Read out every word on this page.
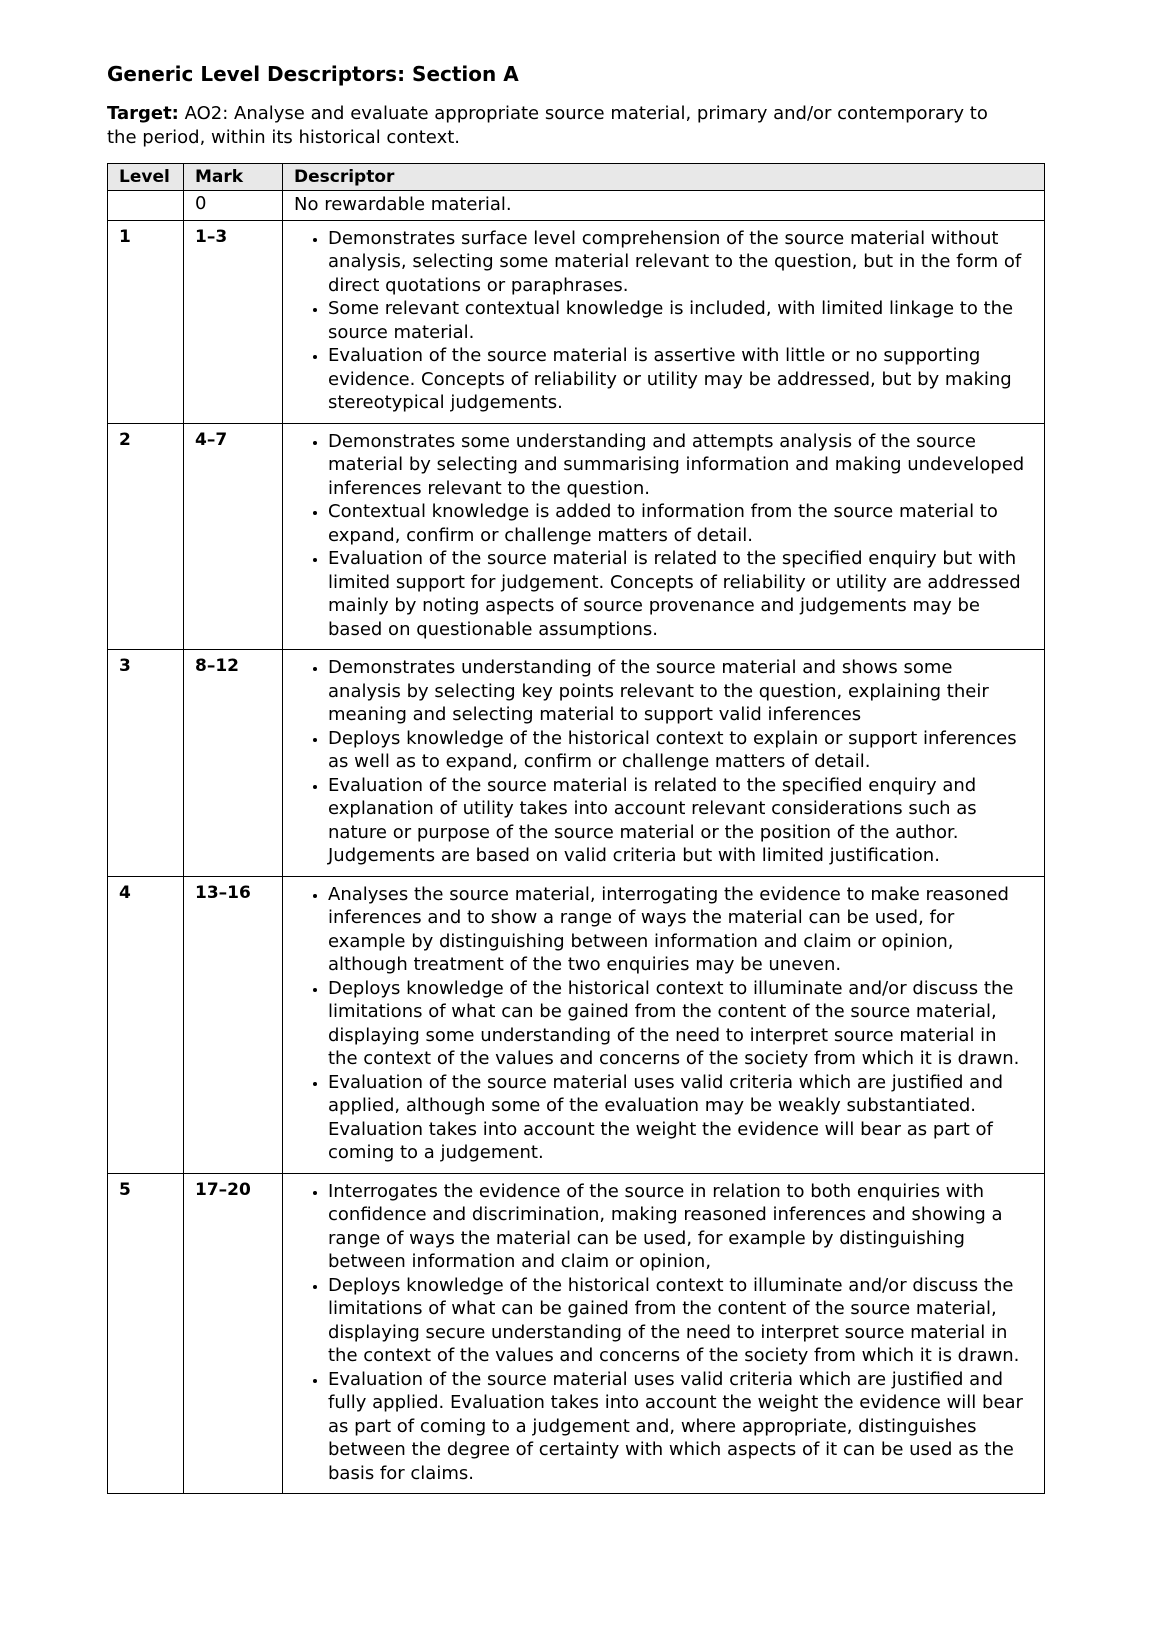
Generic Level Descriptors: Section A

Target: AO2: Analyse and evaluate appropriate source material, primary and/or contemporary to the period, within its historical context.

Level	Mark	Descriptor
	0	No rewardable material.
1	1–3	
•Demonstrates surface level comprehension of the source material without analysis, selecting some material relevant to the question, but in the form of direct quotations or paraphrases.
• Some relevant contextual knowledge is included, with limited linkage to the source material.
• Evaluation of the source material is assertive with little or no supporting evidence. Concepts of reliability or utility may be addressed, but by making stereotypical judgements.

2	4–7	
•Demonstrates some understanding and attempts analysis of the source material by selecting and summarising information and making undeveloped inferences relevant to the question.
• Contextual knowledge is added to information from the source material to expand, confirm or challenge matters of detail.
• Evaluation of the source material is related to the specified enquiry but with limited support for judgement. Concepts of reliability or utility are addressed mainly by noting aspects of source provenance and judgements may be based on questionable assumptions.

3	8–12	
•Demonstrates understanding of the source material and shows some analysis by selecting key points relevant to the question, explaining their meaning and selecting material to support valid inferences
• Deploys knowledge of the historical context to explain or support inferences as well as to expand, confirm or challenge matters of detail.
• Evaluation of the source material is related to the specified enquiry and explanation of utility takes into account relevant considerations such as nature or purpose of the source material or the position of the author. Judgements are based on valid criteria but with limited justification.

4	13–16	
•Analyses the source material, interrogating the evidence to make reasoned inferences and to show a range of ways the material can be used, for example by distinguishing between information and claim or opinion, although treatment of the two enquiries may be uneven.
• Deploys knowledge of the historical context to illuminate and/or discuss the limitations of what can be gained from the content of the source material, displaying some understanding of the need to interpret source material in the context of the values and concerns of the society from which it is drawn.
• Evaluation of the source material uses valid criteria which are justified and applied, although some of the evaluation may be weakly substantiated. Evaluation takes into account the weight the evidence will bear as part of coming to a judgement.

5	17–20	
•Interrogates the evidence of the source in relation to both enquiries with confidence and discrimination, making reasoned inferences and showing a range of ways the material can be used, for example by distinguishing between information and claim or opinion,
• Deploys knowledge of the historical context to illuminate and/or discuss the limitations of what can be gained from the content of the source material, displaying secure understanding of the need to interpret source material in the context of the values and concerns of the society from which it is drawn.
• Evaluation of the source material uses valid criteria which are justified and fully applied. Evaluation takes into account the weight the evidence will bear as part of coming to a judgement and, where appropriate, distinguishes between the degree of certainty with which aspects of it can be used as the basis for claims.
